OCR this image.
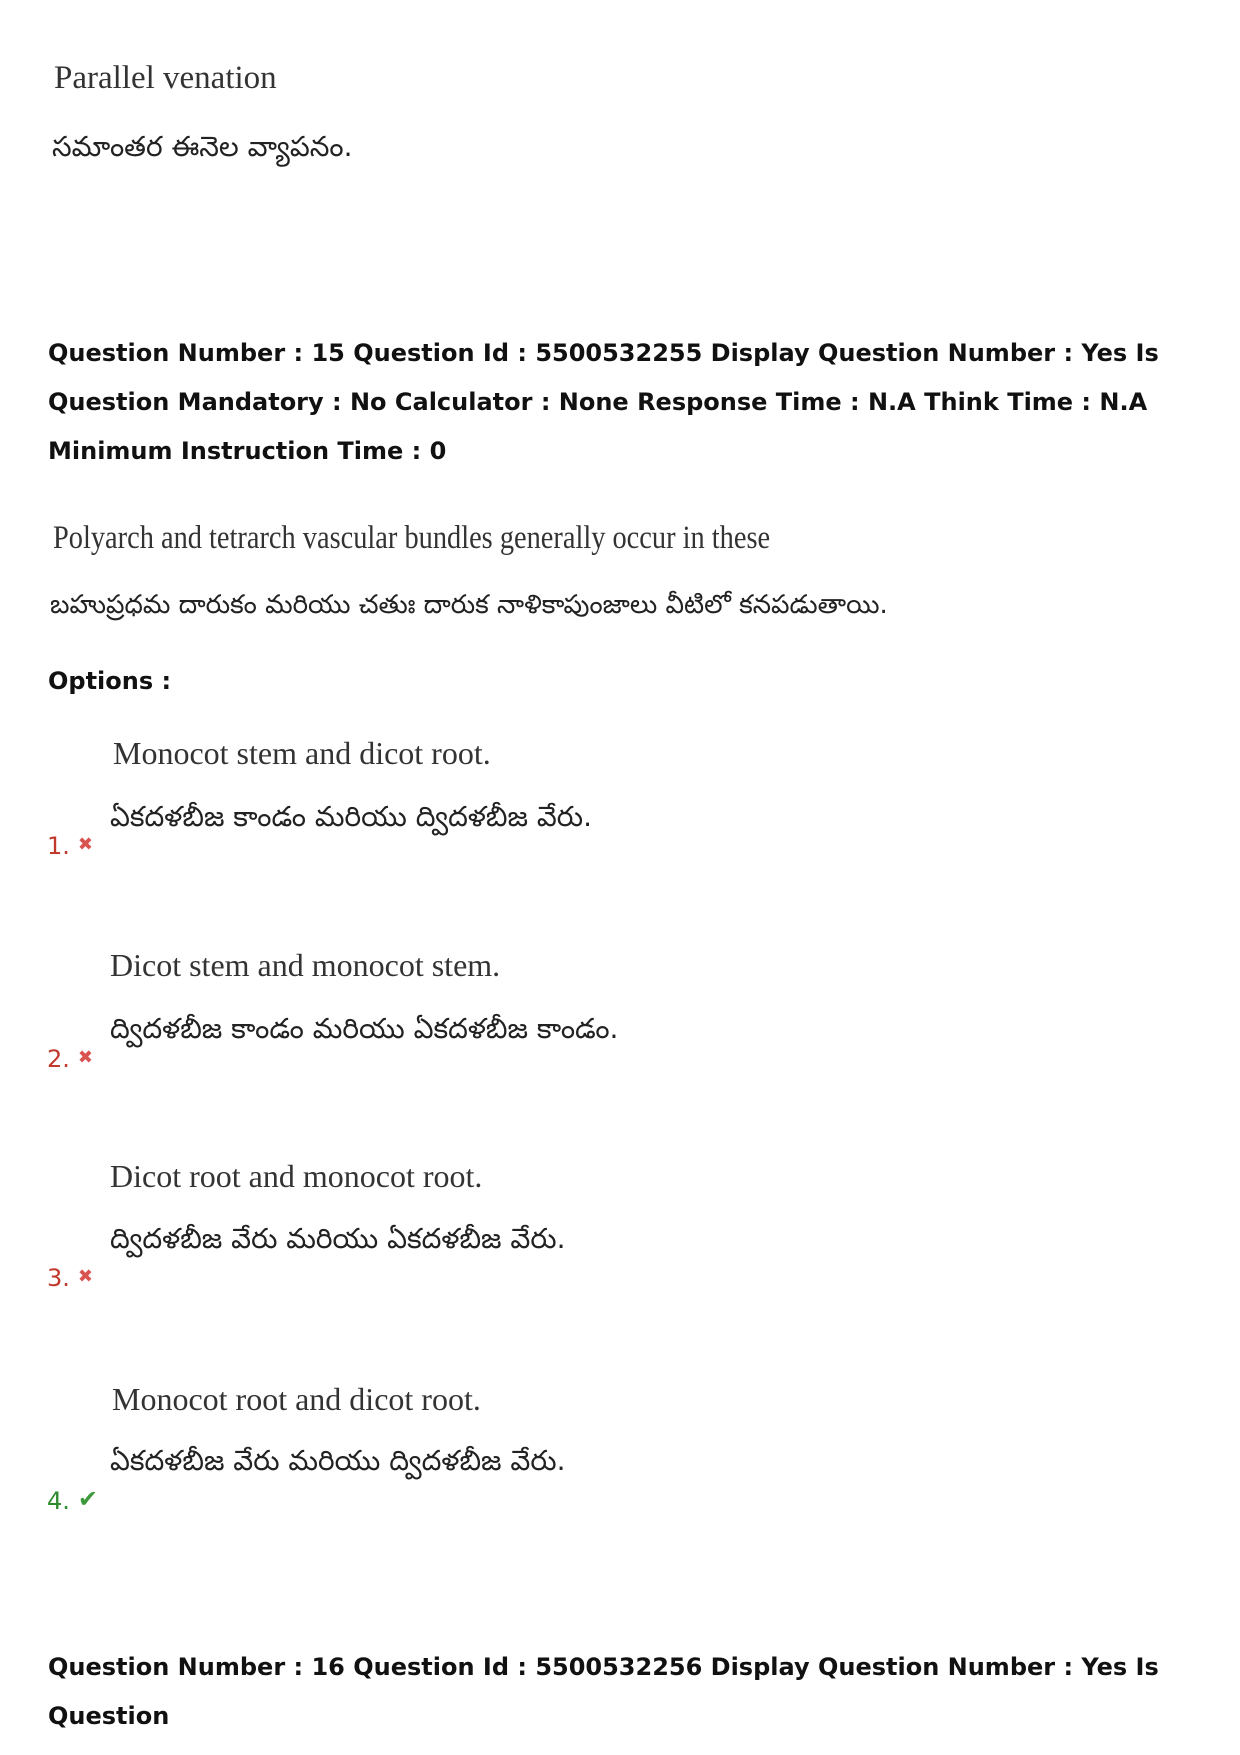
Parallel venation
సమాంతర ఈనెల వ్యాపనం.
Question Number : 15 Question Id : 5500532255 Display Question Number : Yes Is Question Mandatory : No Calculator : None Response Time : N.A Think Time : N.A Minimum Instruction Time : 0
Polyarch and tetrarch vascular bundles generally occur in these
బహుప్రధమ దారుకం మరియు చతుః దారుక నాళికాపుంజాలు వీటిలో కనపడుతాయి.
Options :
Monocot stem and dicot root.
ఏకదళబీజ కాండం మరియు ద్విదళబీజ వేరు.
1. ✖
Dicot stem and monocot stem.
ద్విదళబీజ కాండం మరియు ఏకదళబీజ కాండం.
2. ✖
Dicot root and monocot root.
ద్విదళబీజ వేరు మరియు ఏకదళబీజ వేరు.
3. ✖
Monocot root and dicot root.
ఏకదళబీజ వేరు మరియు ద్విదళబీజ వేరు.
4. ✔
Question Number : 16 Question Id : 5500532256 Display Question Number : Yes Is Question
